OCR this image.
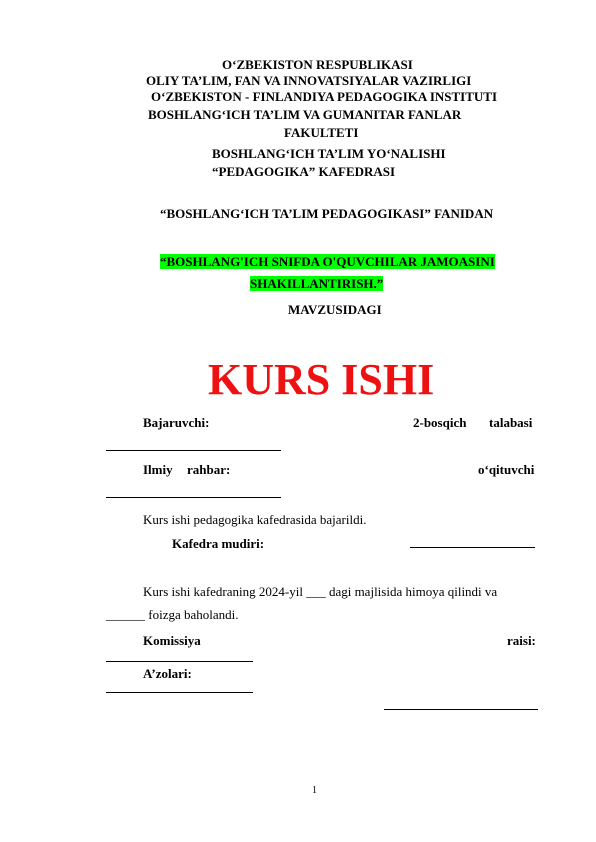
O‘ZBEKISTON RESPUBLIKASI
OLIY TA’LIM, FAN VA INNOVATSIYALAR VAZIRLIGI
O‘ZBEKISTON - FINLANDIYA PEDAGOGIKA INSTITUTI
BOSHLANG‘ICH TA’LIM VA GUMANITAR FANLAR
FAKULTETI
BOSHLANG‘ICH TA’LIM YO‘NALISHI
“PEDAGOGIKA” KAFEDRASI
“BOSHLANG‘ICH TA’LIM PEDAGOGIKASI” FANIDAN
“BOSHLANG'ICH SNIFDA O'QUVCHILAR JAMOASINI
SHAKILLANTIRISH.”
MAVZUSIDAGI
KURS ISHI
Bajaruvchi:	2-bosqich talabasi
Ilmiy rahbar:	o‘qituvchi
Kurs ishi pedagogika kafedrasida bajarildi.
Kafedra mudiri:
Kurs ishi kafedraning 2024-yil ___ dagi majlisida himoya qilindi va
______ foizga baholandi.
Komissiya	raisi:
A’zolari:
1
